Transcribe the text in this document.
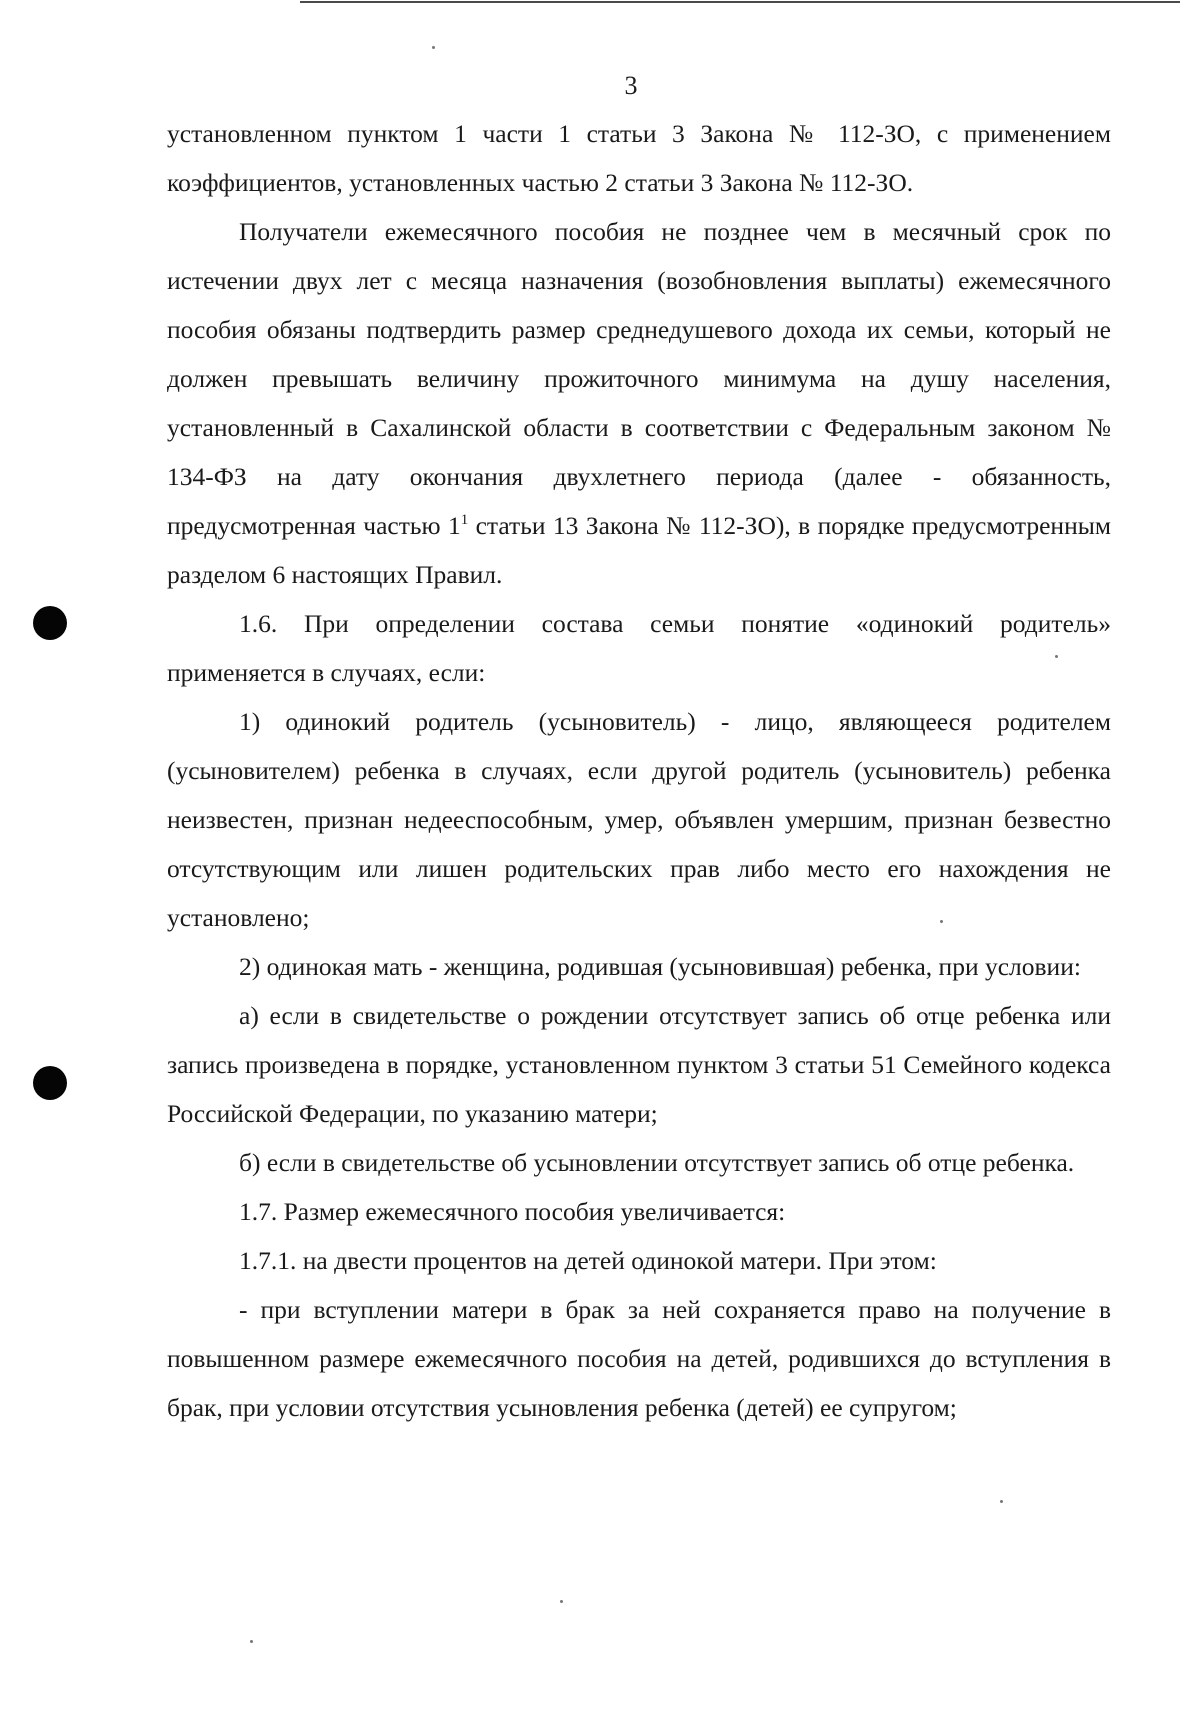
3

установленном пунктом 1 части 1 статьи 3 Закона № 112-ЗО, с применением коэффициентов, установленных частью 2 статьи 3 Закона № 112-ЗО.

Получатели ежемесячного пособия не позднее чем в месячный срок по истечении двух лет с месяца назначения (возобновления выплаты) ежемесячного пособия обязаны подтвердить размер среднедушевого дохода их семьи, который не должен превышать величину прожиточного минимума на душу населения, установленный в Сахалинской области в соответствии с Федеральным законом № 134-ФЗ на дату окончания двухлетнего периода (далее - обязанность, предусмотренная частью $1^1$ статьи 13 Закона № 112-ЗО), в порядке предусмотренным разделом 6 настоящих Правил.

1.6. При определении состава семьи понятие «одинокий родитель» применяется в случаях, если:

1) одинокий родитель (усыновитель) - лицо, являющееся родителем (усыновителем) ребенка в случаях, если другой родитель (усыновитель) ребенка неизвестен, признан недееспособным, умер, объявлен умершим, признан безвестно отсутствующим или лишен родительских прав либо место его нахождения не установлено;

2) одинокая мать - женщина, родившая (усыновившая) ребенка, при условии:

а) если в свидетельстве о рождении отсутствует запись об отце ребенка или запись произведена в порядке, установленном пунктом 3 статьи 51 Семейного кодекса Российской Федерации, по указанию матери;

б) если в свидетельстве об усыновлении отсутствует запись об отце ребенка.

1.7. Размер ежемесячного пособия увеличивается:

1.7.1. на двести процентов на детей одинокой матери. При этом:

- при вступлении матери в брак за ней сохраняется право на получение в повышенном размере ежемесячного пособия на детей, родившихся до вступления в брак, при условии отсутствия усыновления ребенка (детей) ее супругом;
